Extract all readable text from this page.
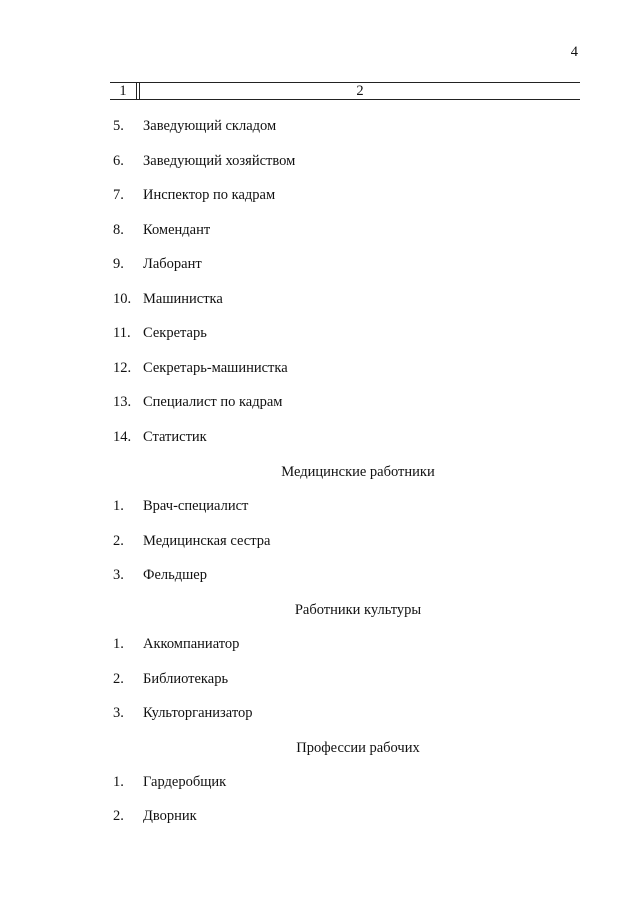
4
1	2
5. Заведующий складом
6. Заведующий хозяйством
7. Инспектор по кадрам
8. Комендант
9. Лаборант
10. Машинистка
11. Секретарь
12. Секретарь-машинистка
13. Специалист по кадрам
14. Статистик
Медицинские работники
1. Врач-специалист
2. Медицинская сестра
3. Фельдшер
Работники культуры
1. Аккомпаниатор
2. Библиотекарь
3. Культорганизатор
Профессии рабочих
1. Гардеробщик
2. Дворник
